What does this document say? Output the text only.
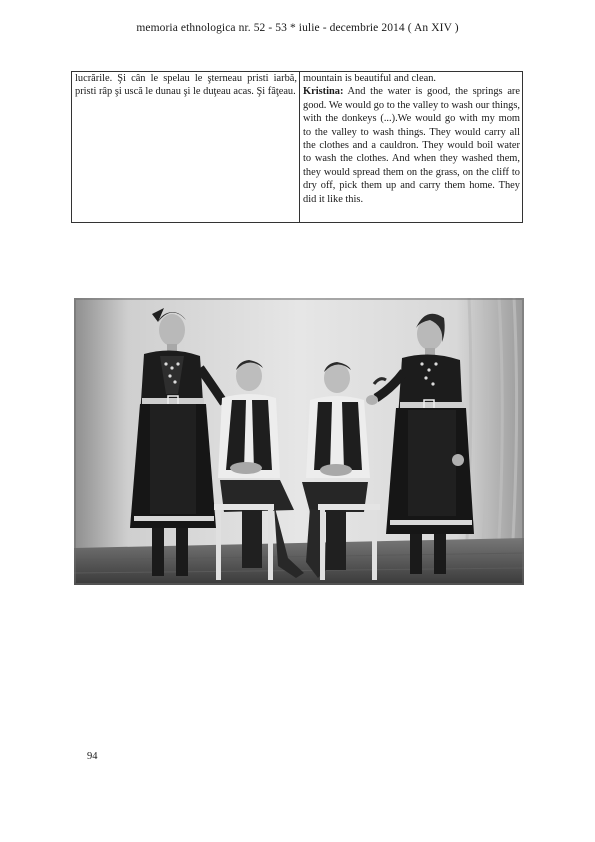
memoria ethnologica nr. 52 - 53 * iulie - decembrie 2014 ( An XIV )
lucrările. Şi cân le spelau le şterneau pristi iarbă, pristi râp şi uscă le dunau şi le duţeau acas. Şi fâţeau.	mountain is beautiful and clean.
Kristina: And the water is good, the springs are good. We would go to the valley to wash our things, with the donkeys (...).We would go with my mom to the valley to wash things. They would carry all the clothes and a cauldron. They would boil water to wash the clothes. And when they washed them, they would spread them on the grass, on the cliff to dry off, pick them up and carry them home. They did it like this.
94
